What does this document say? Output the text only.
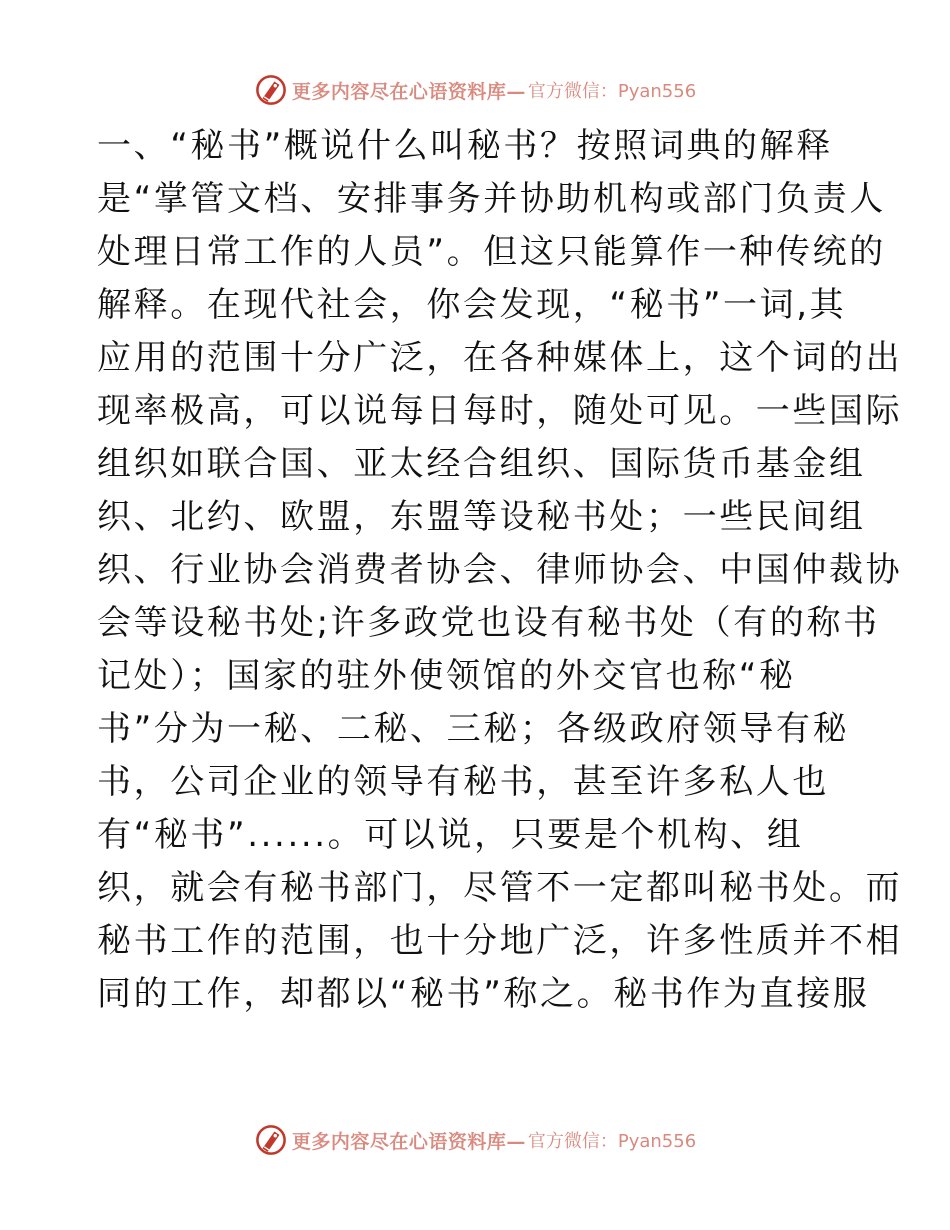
更多内容尽在心语资料库— 官方微信：Pyan556
一、“秘书”概说什么叫秘书？按照词典的解释
是“掌管文档、安排事务并协助机构或部门负责人
处理日常工作的人员”。但这只能算作一种传统的
解释。在现代社会，你会发现，“秘书”一词,其
应用的范围十分广泛，在各种媒体上，这个词的出
现率极高，可以说每日每时，随处可见。一些国际
组织如联合国、亚太经合组织、国际货币基金组
织、北约、欧盟，东盟等设秘书处；一些民间组
织、行业协会消费者协会、律师协会、中国仲裁协
会等设秘书处;许多政党也设有秘书处（有的称书
记处）；国家的驻外使领馆的外交官也称“秘
书”分为一秘、二秘、三秘；各级政府领导有秘
书，公司企业的领导有秘书，甚至许多私人也
有“秘书”......。可以说，只要是个机构、组
织，就会有秘书部门，尽管不一定都叫秘书处。而
秘书工作的范围，也十分地广泛，许多性质并不相
同的工作，却都以“秘书”称之。秘书作为直接服
更多内容尽在心语资料库— 官方微信：Pyan556
